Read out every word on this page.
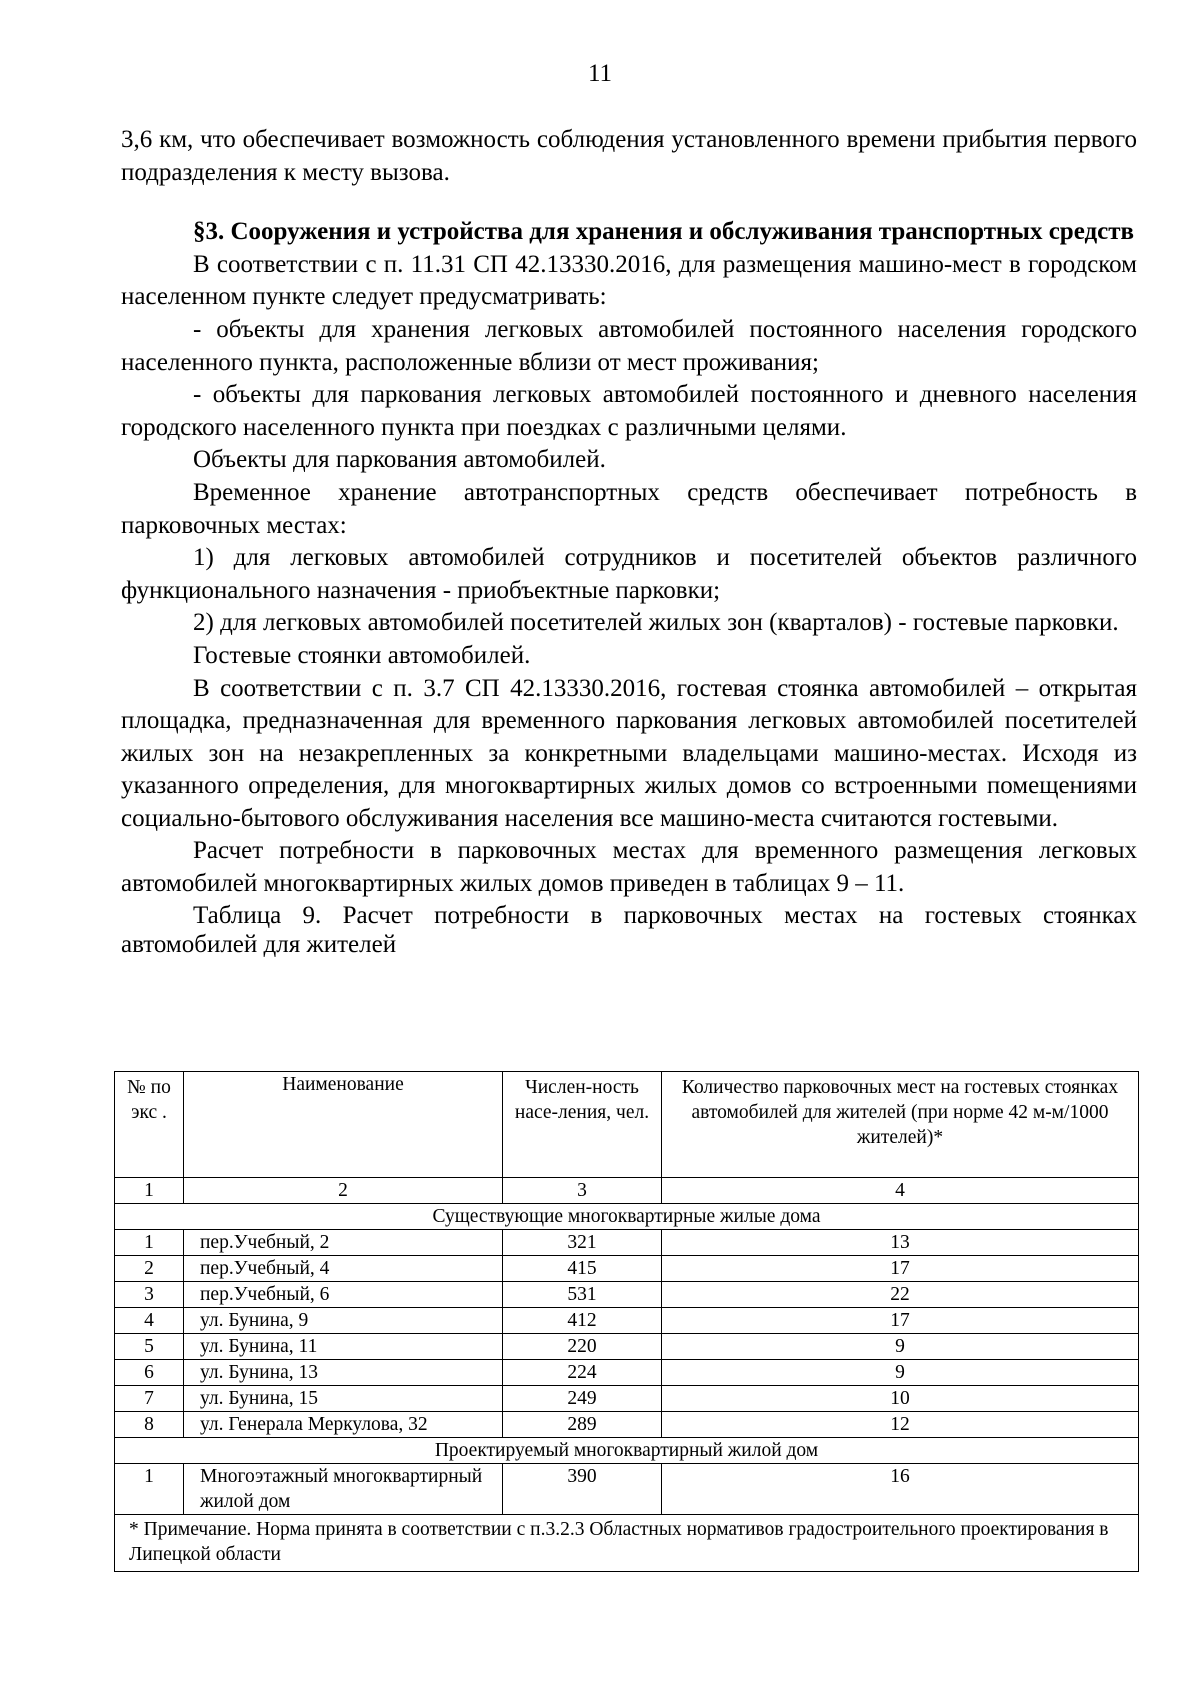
11

3,6 км, что обеспечивает возможность соблюдения установленного времени прибытия первого подразделения к месту вызова.

§3. Сооружения и устройства для хранения и обслуживания транспортных средств

В соответствии с п. 11.31 СП 42.13330.2016, для размещения машино-мест в городском населенном пункте следует предусматривать:

- объекты для хранения легковых автомобилей постоянного населения городского населенного пункта, расположенные вблизи от мест проживания;

- объекты для паркования легковых автомобилей постоянного и дневного населения городского населенного пункта при поездках с различными целями.

Объекты для паркования автомобилей.

Временное хранение автотранспортных средств обеспечивает потребность в парковочных местах:

1) для легковых автомобилей сотрудников и посетителей объектов различного функционального назначения - приобъектные парковки;

2) для легковых автомобилей посетителей жилых зон (кварталов) - гостевые парковки.

Гостевые стоянки автомобилей.

В соответствии с п. 3.7 СП 42.13330.2016, гостевая стоянка автомобилей – открытая площадка, предназначенная для временного паркования легковых автомобилей посетителей жилых зон на незакрепленных за конкретными владельцами машино-местах. Исходя из указанного определения, для многоквартирных жилых домов со встроенными помещениями социально-бытового обслуживания населения все машино-места считаются гостевыми.

Расчет потребности в парковочных местах для временного размещения легковых автомобилей многоквартирных жилых домов приведен в таблицах 9 – 11.

Таблица 9. Расчет потребности в парковочных местах на гостевых стоянках автомобилей для жителей

№ по экс .	Наименование	Числен-ность насе-ления, чел.	Количество парковочных мест на гостевых стоянках автомобилей для жителей (при норме 42 м-м/1000 жителей)*
1	2	3	4
Существующие многоквартирные жилые дома			
1	пер.Учебный, 2	321	13
2	пер.Учебный, 4	415	17
3	пер.Учебный, 6	531	22
4	ул. Бунина, 9	412	17
5	ул. Бунина, 11	220	9
6	ул. Бунина, 13	224	9
7	ул. Бунина, 15	249	10
8	ул. Генерала Меркулова, 32	289	12
Проектируемый многоквартирный жилой дом			
1	Многоэтажный многоквартирный жилой дом	390	16
* Примечание. Норма принята в соответствии с п.3.2.3 Областных нормативов градостроительного проектирования в Липецкой области			
